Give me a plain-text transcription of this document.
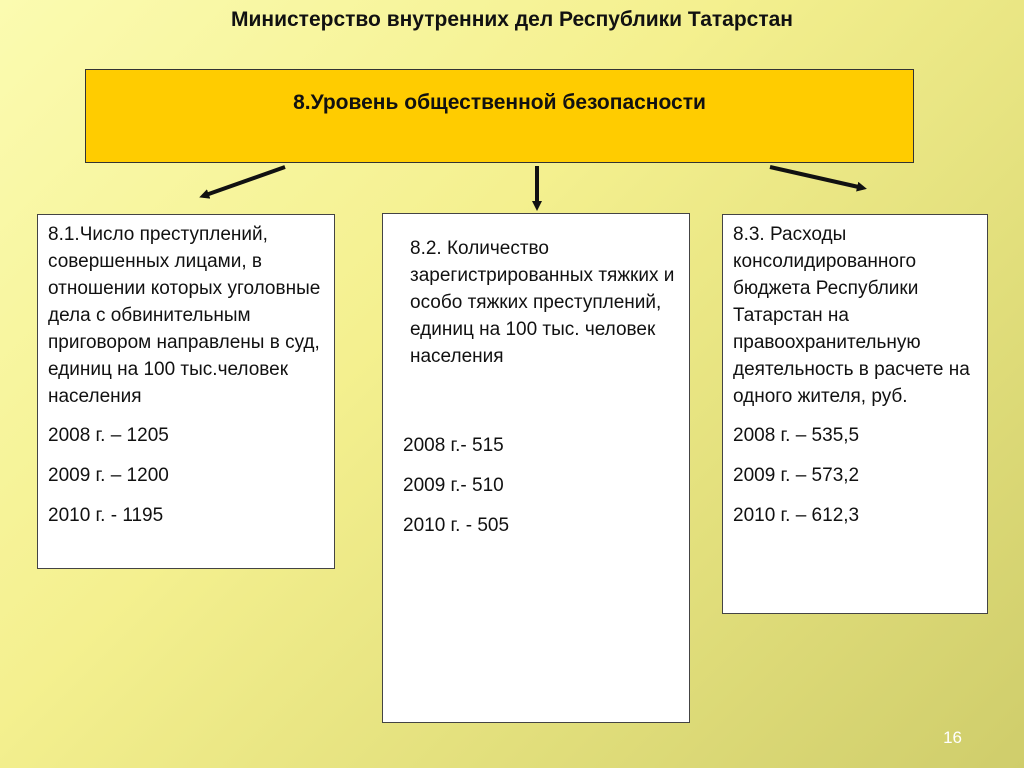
Министерство внутренних дел Республики Татарстан
8.Уровень общественной безопасности

8.1.Число преступлений, совершенных лицами, в отношении которых уголовные дела с обвинительным приговором направлены в суд, единиц на 100 тыс.человек населения

2008 г. – 1205

2009 г. – 1200

2010 г. - 1195

8.2. Количество зарегистрированных тяжких и особо тяжких преступлений, единиц на 100 тыс. человек населения

2008 г.- 515

2009 г.- 510

2010 г. - 505

8.3. Расходы консолидированного бюджета Республики Татарстан на правоохранительную деятельность в расчете на одного жителя, руб.

2008 г. – 535,5

2009 г. – 573,2

2010 г. – 612,3

16
